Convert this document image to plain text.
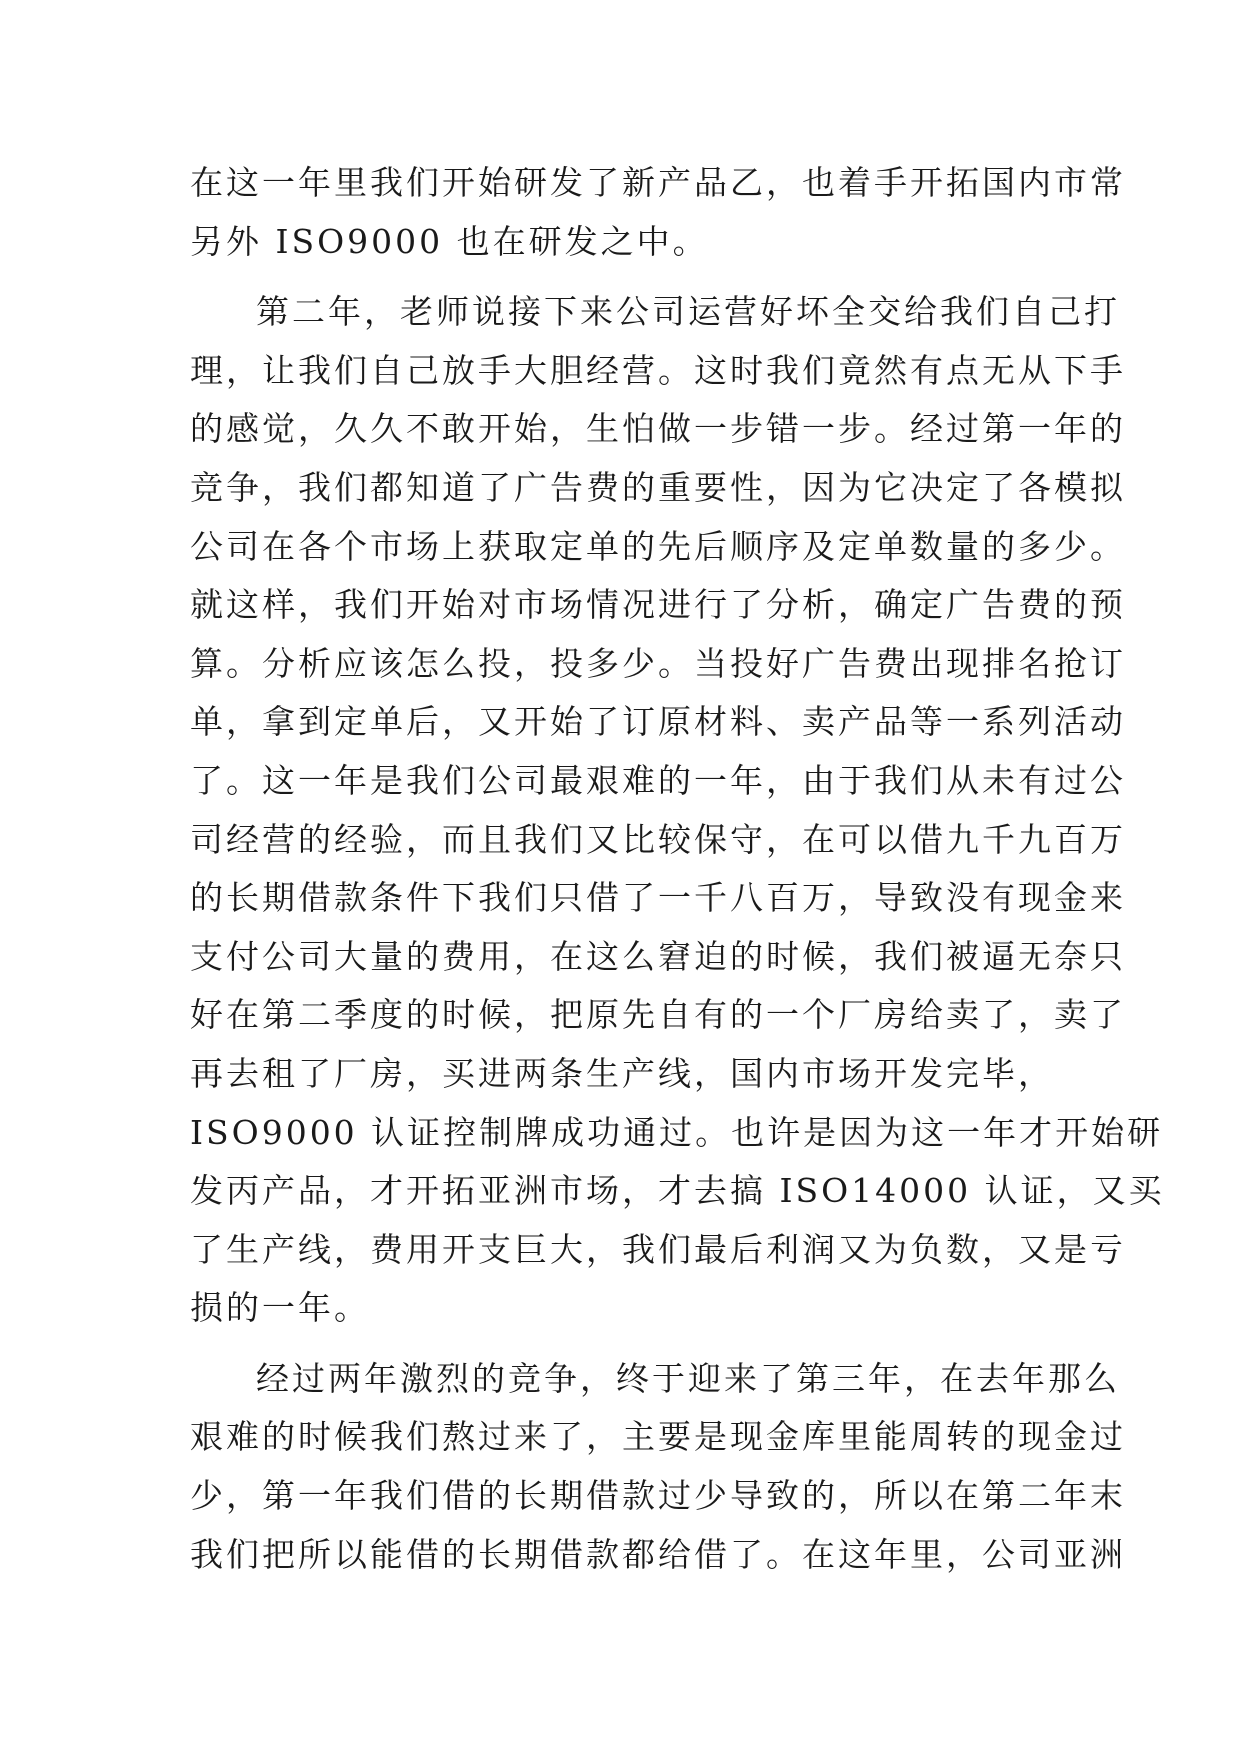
在这一年里我们开始研发了新产品乙，也着手开拓国内市常
另外 ISO9000 也在研发之中。
第二年，老师说接下来公司运营好坏全交给我们自己打
理，让我们自己放手大胆经营。这时我们竟然有点无从下手
的感觉，久久不敢开始，生怕做一步错一步。经过第一年的
竞争，我们都知道了广告费的重要性，因为它决定了各模拟
公司在各个市场上获取定单的先后顺序及定单数量的多少。
就这样，我们开始对市场情况进行了分析，确定广告费的预
算。分析应该怎么投，投多少。当投好广告费出现排名抢订
单，拿到定单后，又开始了订原材料、卖产品等一系列活动
了。这一年是我们公司最艰难的一年，由于我们从未有过公
司经营的经验，而且我们又比较保守，在可以借九千九百万
的长期借款条件下我们只借了一千八百万，导致没有现金来
支付公司大量的费用，在这么窘迫的时候，我们被逼无奈只
好在第二季度的时候，把原先自有的一个厂房给卖了，卖了
再去租了厂房，买进两条生产线，国内市场开发完毕，
ISO9000 认证控制牌成功通过。也许是因为这一年才开始研
发丙产品，才开拓亚洲市场，才去搞 ISO14000 认证，又买
了生产线，费用开支巨大，我们最后利润又为负数，又是亏
损的一年。
经过两年激烈的竞争，终于迎来了第三年，在去年那么
艰难的时候我们熬过来了，主要是现金库里能周转的现金过
少，第一年我们借的长期借款过少导致的，所以在第二年末
我们把所以能借的长期借款都给借了。在这年里，公司亚洲
